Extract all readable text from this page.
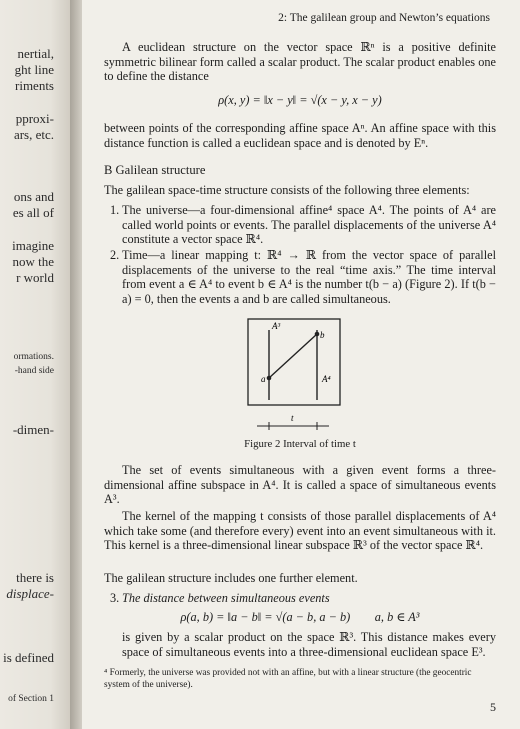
nertial,
ght line
riments
pproxi-
ars, etc.
ons and
es all of
imagine
now the
r world
ormations.
-hand side
-dimen-
there is
displace-
is defined
of Section 1
2: The galilean group and Newton’s equations
A euclidean structure on the vector space ℝⁿ is a positive definite symmetric bilinear form called a scalar product. The scalar product enables one to define the distance
ρ(x, y) = ‖x − y‖ = √(x − y, x − y)
between points of the corresponding affine space Aⁿ. An affine space with this distance function is called a euclidean space and is denoted by Eⁿ.
B Galilean structure
The galilean space-time structure consists of the following three elements:
1. The universe—a four-dimensional affine⁴ space A⁴. The points of A⁴ are called world points or events. The parallel displacements of the universe A⁴ constitute a vector space ℝ⁴.
2. Time—a linear mapping t: ℝ⁴ → ℝ from the vector space of parallel displacements of the universe to the real “time axis.” The time interval from event a ∈ A⁴ to event b ∈ A⁴ is the number t(b − a) (Figure 2). If t(b − a) = 0, then the events a and b are called simultaneous.
A³
A⁴
a
b
t
Figure 2 Interval of time t
The set of events simultaneous with a given event forms a three-dimensional affine subspace in A⁴. It is called a space of simultaneous events A³.
The kernel of the mapping t consists of those parallel displacements of A⁴ which take some (and therefore every) event into an event simultaneous with it. This kernel is a three-dimensional linear subspace ℝ³ of the vector space ℝ⁴.
The galilean structure includes one further element.
3. The distance between simultaneous events
ρ(a, b) = ‖a − b‖ = √(a − b, a − b)        a, b ∈ A³
is given by a scalar product on the space ℝ³. This distance makes every space of simultaneous events into a three-dimensional euclidean space E³.
⁴ Formerly, the universe was provided not with an affine, but with a linear structure (the geocentric system of the universe).
5
